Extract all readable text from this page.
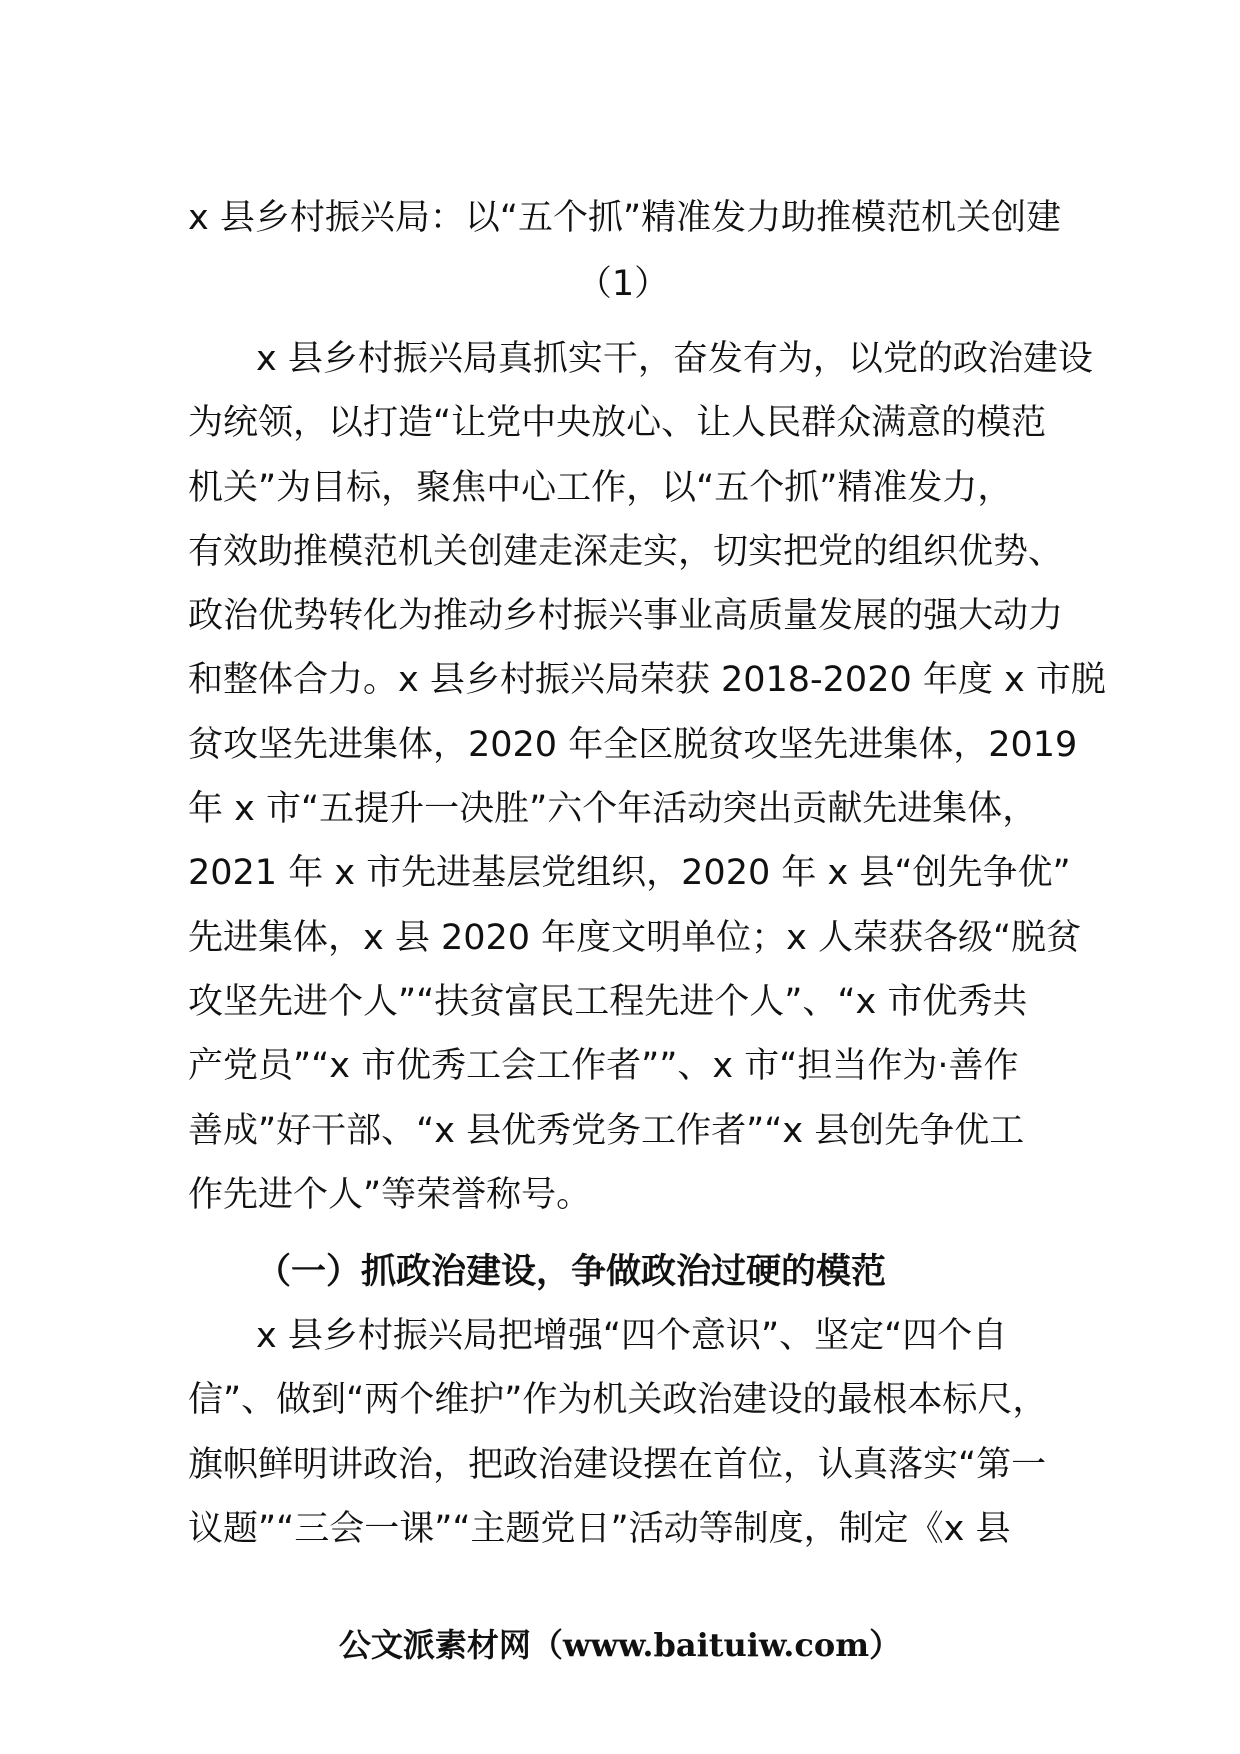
x 县乡村振兴局：以“五个抓”精准发力助推模范机关创建
（1）
x 县乡村振兴局真抓实干，奋发有为，以党的政治建设
为统领，以打造“让党中央放心、让人民群众满意的模范
机关”为目标，聚焦中心工作，以“五个抓”精准发力，
有效助推模范机关创建走深走实，切实把党的组织优势、
政治优势转化为推动乡村振兴事业高质量发展的强大动力
和整体合力。x 县乡村振兴局荣获 2018-2020 年度 x 市脱
贫攻坚先进集体，2020 年全区脱贫攻坚先进集体，2019
年 x 市“五提升一决胜”六个年活动突出贡献先进集体，
2021 年 x 市先进基层党组织，2020 年 x 县“创先争优”
先进集体，x 县 2020 年度文明单位；x 人荣获各级“脱贫
攻坚先进个人”“扶贫富民工程先进个人”、“x 市优秀共
产党员”“x 市优秀工会工作者””、x 市“担当作为·善作
善成”好干部、“x 县优秀党务工作者”“x 县创先争优工
作先进个人”等荣誉称号。
（一）抓政治建设，争做政治过硬的模范
x 县乡村振兴局把增强“四个意识”、坚定“四个自
信”、做到“两个维护”作为机关政治建设的最根本标尺，
旗帜鲜明讲政治，把政治建设摆在首位，认真落实“第一
议题”“三会一课”“主题党日”活动等制度，制定《x 县
公文派素材网（www.baituiw.com）
